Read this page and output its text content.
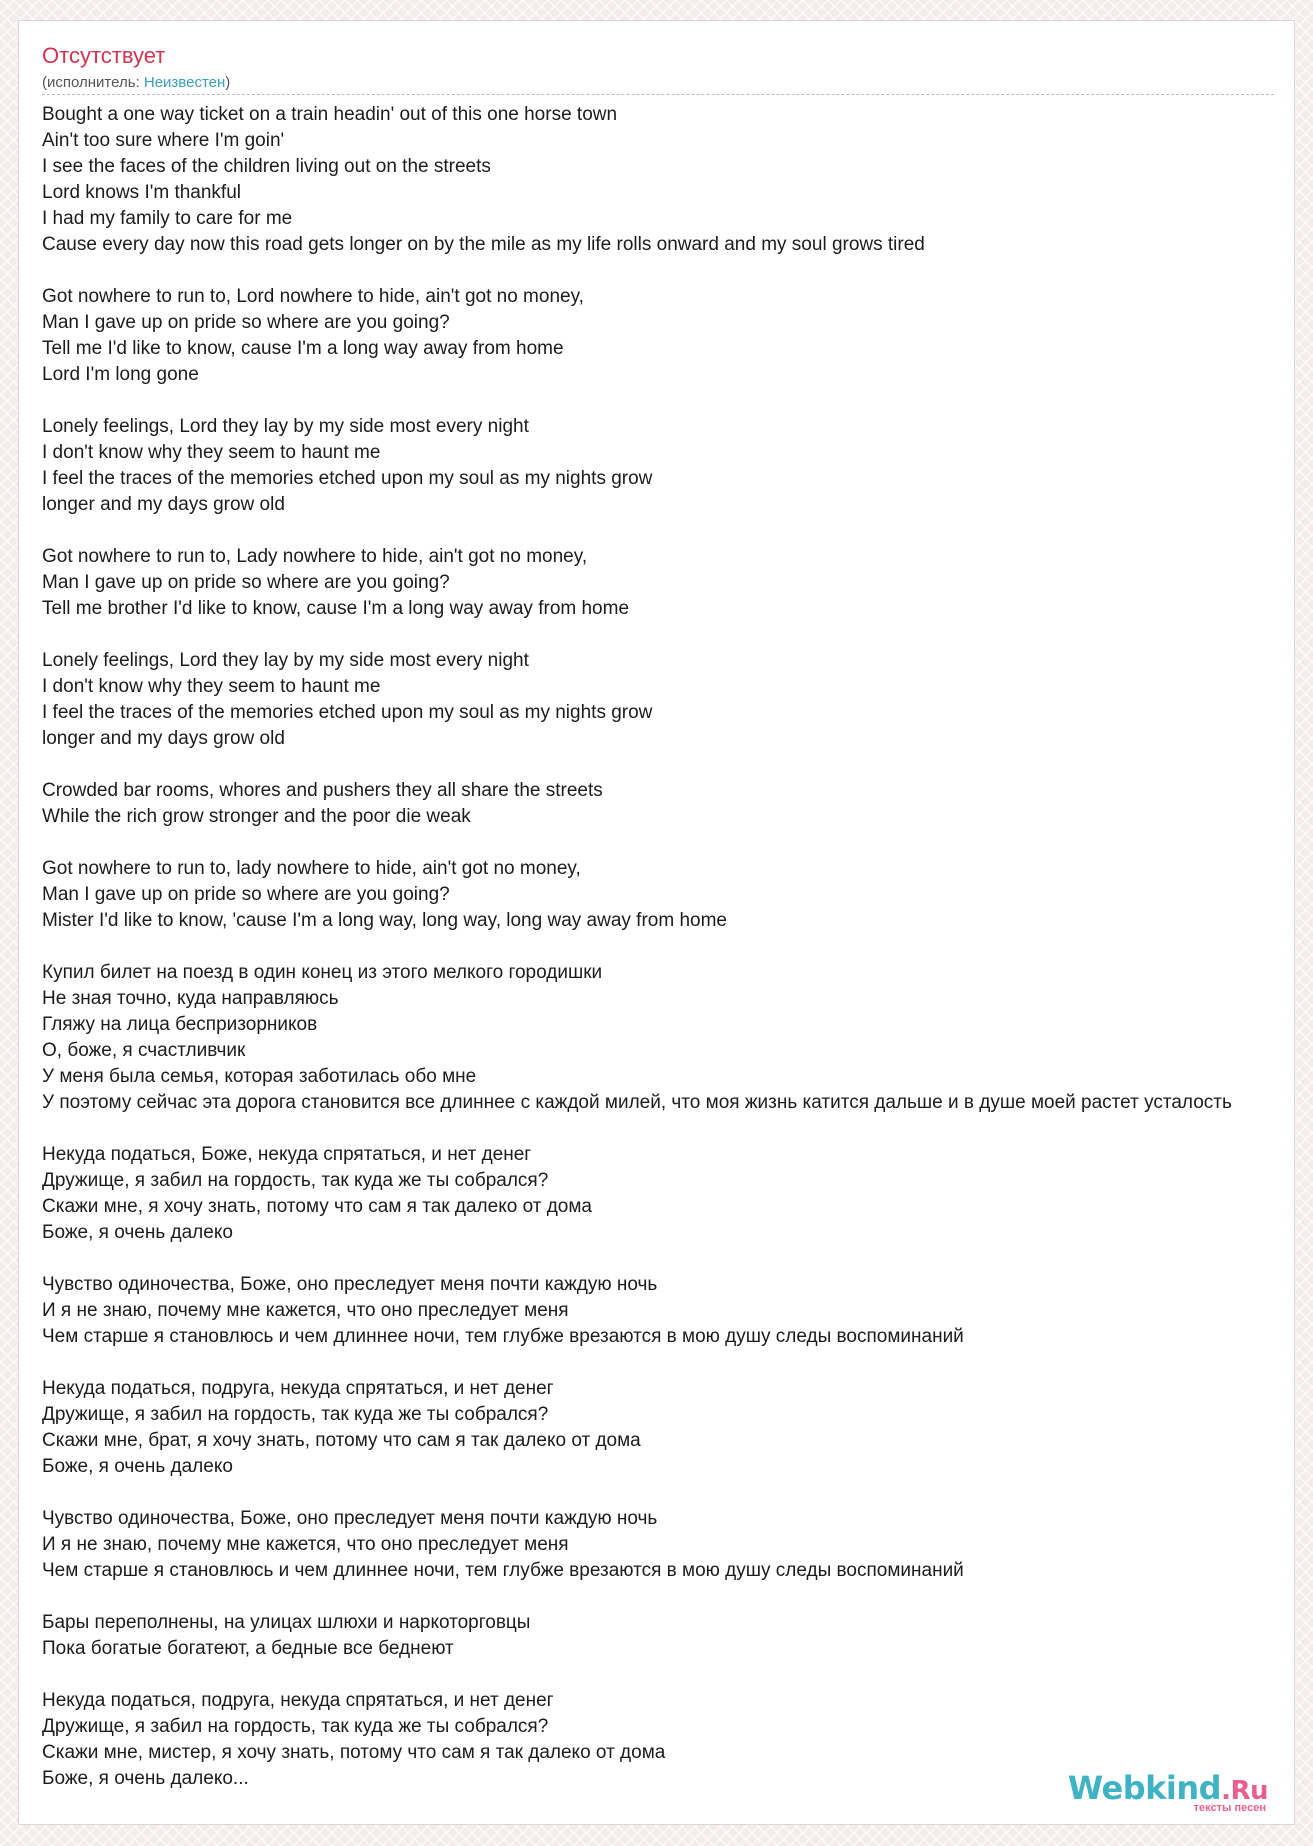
Отсутствует
(исполнитель: Неизвестен)
Bought a one way ticket on a train headin' out of this one horse town
Ain't too sure where I'm goin'
I see the faces of the children living out on the streets
Lord knows I'm thankful
I had my family to care for me
Cause every day now this road gets longer on by the mile as my life rolls onward and my soul grows tired
Got nowhere to run to, Lord nowhere to hide, ain't got no money,
Man I gave up on pride so where are you going?
Tell me I'd like to know, cause I'm a long way away from home
Lord I'm long gone
Lonely feelings, Lord they lay by my side most every night
I don't know why they seem to haunt me
I feel the traces of the memories etched upon my soul as my nights grow
longer and my days grow old
Got nowhere to run to, Lady nowhere to hide, ain't got no money,
Man I gave up on pride so where are you going?
Tell me brother I'd like to know, cause I'm a long way away from home
Lonely feelings, Lord they lay by my side most every night
I don't know why they seem to haunt me
I feel the traces of the memories etched upon my soul as my nights grow
longer and my days grow old
Crowded bar rooms, whores and pushers they all share the streets
While the rich grow stronger and the poor die weak
Got nowhere to run to, lady nowhere to hide, ain't got no money,
Man I gave up on pride so where are you going?
Mister I'd like to know, 'cause I'm a long way, long way, long way away from home
Купил билет на поезд в один конец из этого мелкого городишки
Не зная точно, куда направляюсь
Гляжу на лица беспризорников
О, боже, я счастливчик
У меня была семья, которая заботилась обо мне
У поэтому сейчас эта дорога становится все длиннее с каждой милей, что моя жизнь катится дальше и в душе моей растет усталость
Некуда податься, Боже, некуда спрятаться, и нет денег
Дружище, я забил на гордость, так куда же ты собрался?
Скажи мне, я хочу знать, потому что сам я так далеко от дома
Боже, я очень далеко
Чувство одиночества, Боже, оно преследует меня почти каждую ночь
И я не знаю, почему мне кажется, что оно преследует меня
Чем старше я становлюсь и чем длиннее ночи, тем глубже врезаются в мою душу следы воспоминаний
Некуда податься, подруга, некуда спрятаться, и нет денег
Дружище, я забил на гордость, так куда же ты собрался?
Скажи мне, брат, я хочу знать, потому что сам я так далеко от дома
Боже, я очень далеко
Чувство одиночества, Боже, оно преследует меня почти каждую ночь
И я не знаю, почему мне кажется, что оно преследует меня
Чем старше я становлюсь и чем длиннее ночи, тем глубже врезаются в мою душу следы воспоминаний
Бары переполнены, на улицах шлюхи и наркоторговцы
Пока богатые богатеют, а бедные все беднеют
Некуда податься, подруга, некуда спрятаться, и нет денег
Дружище, я забил на гордость, так куда же ты собрался?
Скажи мне, мистер, я хочу знать, потому что сам я так далеко от дома
Боже, я очень далеко...	Webkind.Ru
тексты песен
